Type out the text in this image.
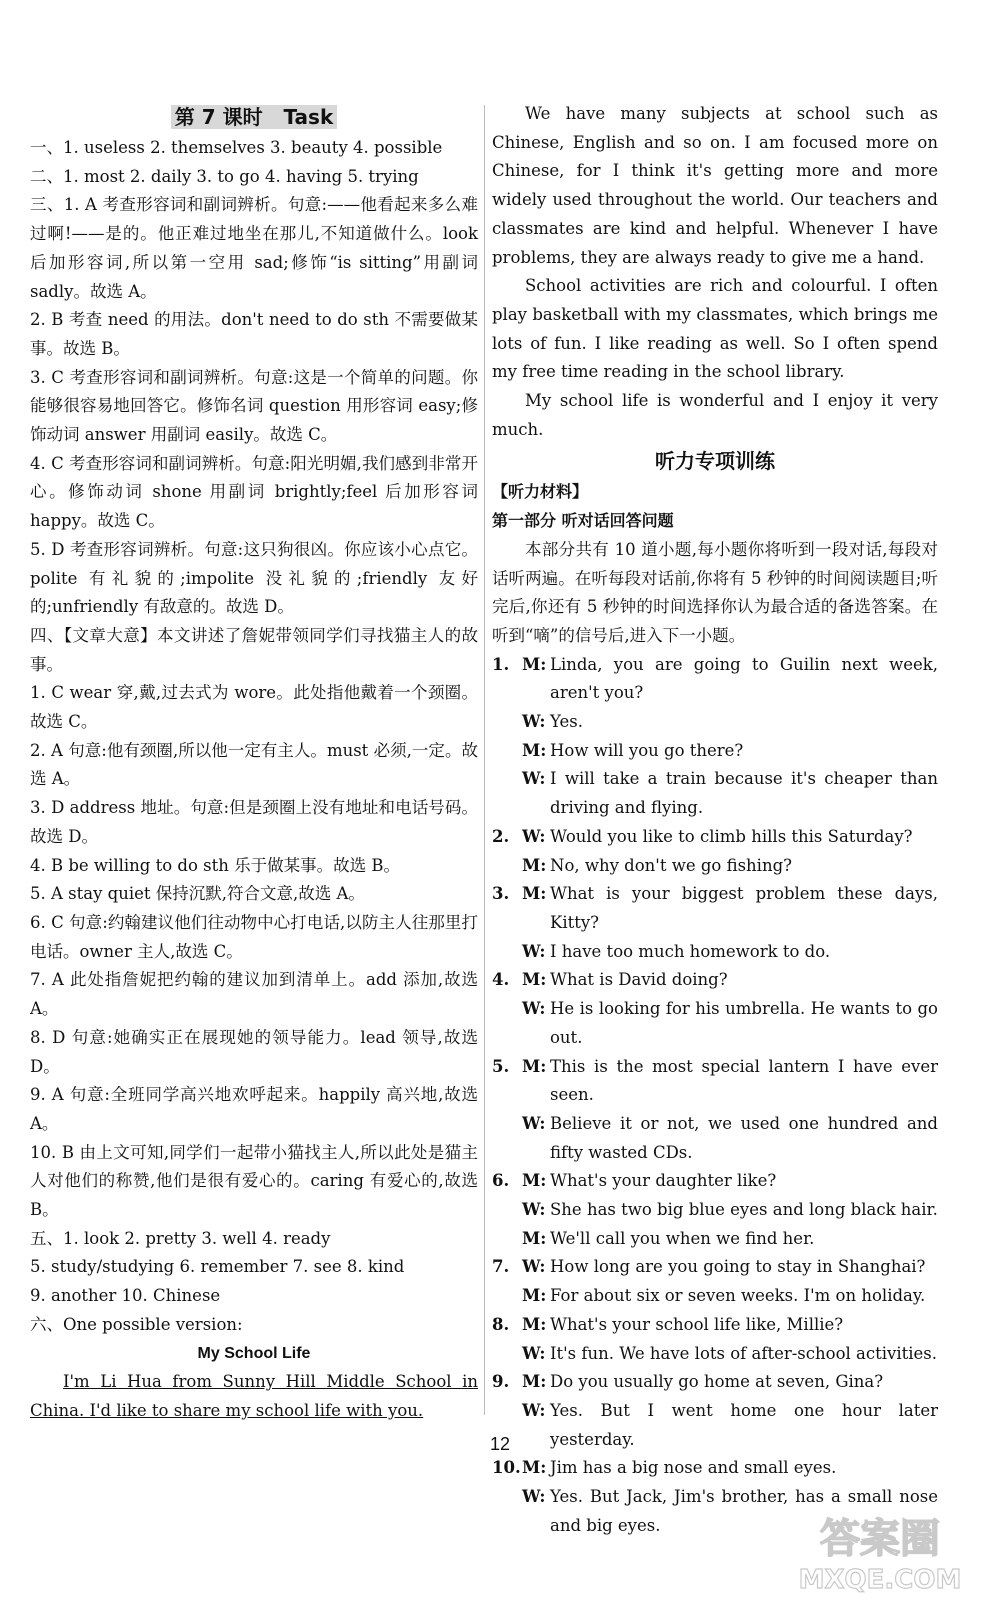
第 7 课时 Task
一、1. useless 2. themselves 3. beauty 4. possible
二、1. most 2. daily 3. to go 4. having 5. trying
三、1. A 考查形容词和副词辨析。句意:——他看起来多么难过啊!——是的。他正难过地坐在那儿,不知道做什么。look 后加形容词,所以第一空用 sad;修饰“is sitting”用副词 sadly。故选 A。
2. B 考查 need 的用法。don't need to do sth 不需要做某事。故选 B。
3. C 考查形容词和副词辨析。句意:这是一个简单的问题。你能够很容易地回答它。修饰名词 question 用形容词 easy;修饰动词 answer 用副词 easily。故选 C。
4. C 考查形容词和副词辨析。句意:阳光明媚,我们感到非常开心。修饰动词 shone 用副词 brightly;feel 后加形容词 happy。故选 C。
5. D 考查形容词辨析。句意:这只狗很凶。你应该小心点它。polite 有礼貌的;impolite 没礼貌的;friendly 友好的;unfriendly 有敌意的。故选 D。
四、【文章大意】本文讲述了詹妮带领同学们寻找猫主人的故事。
1. C wear 穿,戴,过去式为 wore。此处指他戴着一个颈圈。故选 C。
2. A 句意:他有颈圈,所以他一定有主人。must 必须,一定。故选 A。
3. D address 地址。句意:但是颈圈上没有地址和电话号码。故选 D。
4. B be willing to do sth 乐于做某事。故选 B。
5. A stay quiet 保持沉默,符合文意,故选 A。
6. C 句意:约翰建议他们往动物中心打电话,以防主人往那里打电话。owner 主人,故选 C。
7. A 此处指詹妮把约翰的建议加到清单上。add 添加,故选 A。
8. D 句意:她确实正在展现她的领导能力。lead 领导,故选 D。
9. A 句意:全班同学高兴地欢呼起来。happily 高兴地,故选 A。
10. B 由上文可知,同学们一起带小猫找主人,所以此处是猫主人对他们的称赞,他们是很有爱心的。caring 有爱心的,故选 B。
五、1. look 2. pretty 3. well 4. ready
5. study/studying 6. remember 7. see 8. kind
9. another 10. Chinese
六、One possible version:
My School Life
I'm Li Hua from Sunny Hill Middle School in China. I'd like to share my school life with you.
We have many subjects at school such as Chinese, English and so on. I am focused more on Chinese, for I think it's getting more and more widely used throughout the world. Our teachers and classmates are kind and helpful. Whenever I have problems, they are always ready to give me a hand.
School activities are rich and colourful. I often play basketball with my classmates, which brings me lots of fun. I like reading as well. So I often spend my free time reading in the school library.
My school life is wonderful and I enjoy it very much.
听力专项训练
【听力材料】
第一部分 听对话回答问题
本部分共有 10 道小题,每小题你将听到一段对话,每段对话听两遍。在听每段对话前,你将有 5 秒钟的时间阅读题目;听完后,你还有 5 秒钟的时间选择你认为最合适的备选答案。在听到“嘀”的信号后,进入下一小题。
1. M: Linda, you are going to Guilin next week, aren't you?
W: Yes.
M: How will you go there?
W: I will take a train because it's cheaper than driving and flying.
2. W: Would you like to climb hills this Saturday?
M: No, why don't we go fishing?
3. M: What is your biggest problem these days, Kitty?
W: I have too much homework to do.
4. M: What is David doing?
W: He is looking for his umbrella. He wants to go out.
5. M: This is the most special lantern I have ever seen.
W: Believe it or not, we used one hundred and fifty wasted CDs.
6. M: What's your daughter like?
W: She has two big blue eyes and long black hair.
M: We'll call you when we find her.
7. W: How long are you going to stay in Shanghai?
M: For about six or seven weeks. I'm on holiday.
8. M: What's your school life like, Millie?
W: It's fun. We have lots of after-school activities.
9. M: Do you usually go home at seven, Gina?
W: Yes. But I went home one hour later yesterday.
10. M: Jim has a big nose and small eyes.
W: Yes. But Jack, Jim's brother, has a small nose and big eyes.
12
答案圈
MXQE.COM
